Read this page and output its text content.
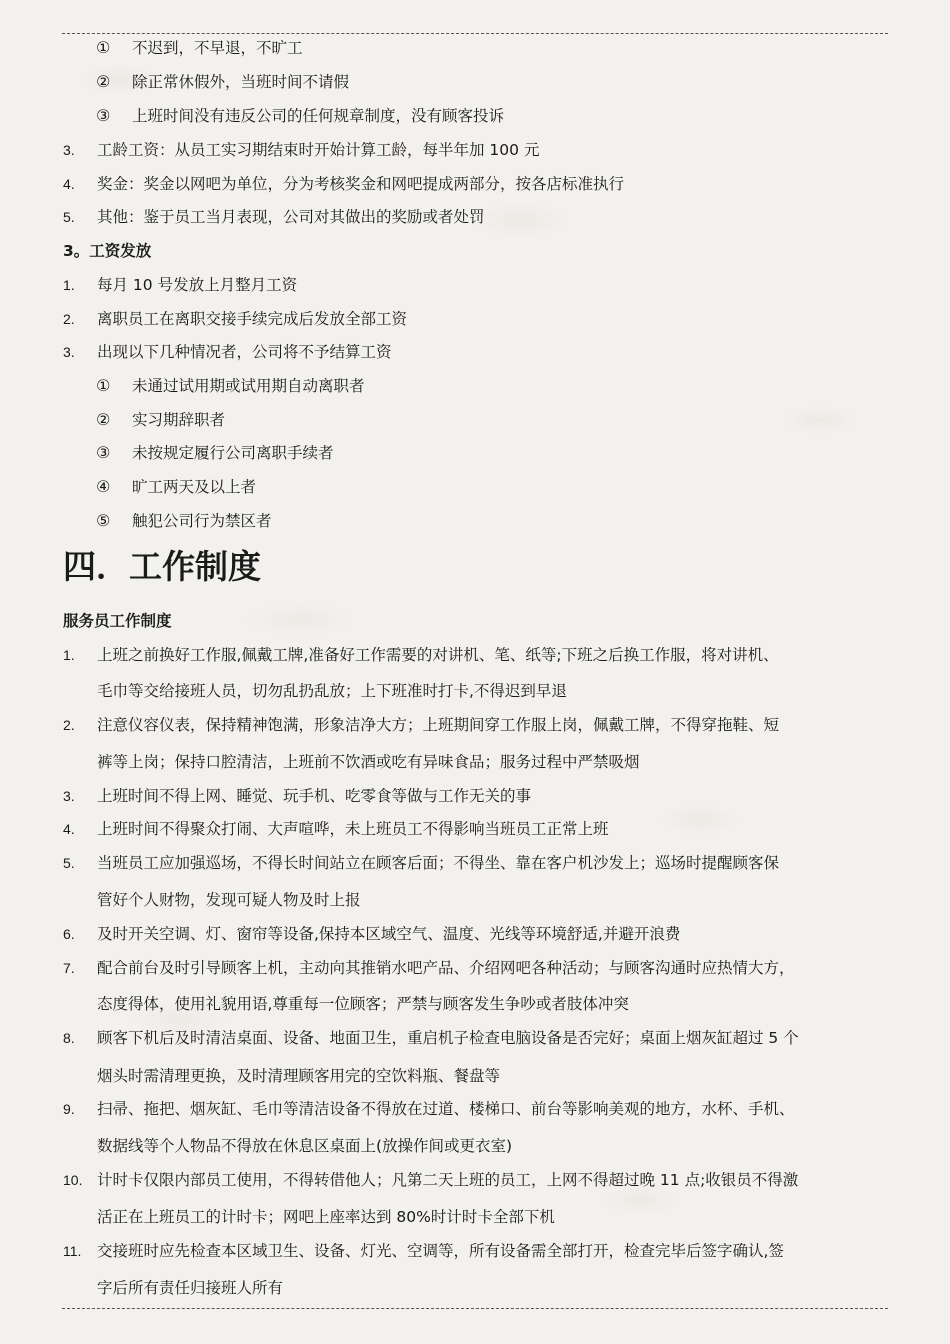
① 不迟到，不早退，不旷工
② 除正常休假外，当班时间不请假
③ 上班时间没有违反公司的任何规章制度，没有顾客投诉
3. 工龄工资：从员工实习期结束时开始计算工龄，每半年加 100 元
4. 奖金：奖金以网吧为单位，分为考核奖金和网吧提成两部分，按各店标准执行
5. 其他：鉴于员工当月表现，公司对其做出的奖励或者处罚
3。工资发放
1. 每月 10 号发放上月整月工资
2. 离职员工在离职交接手续完成后发放全部工资
3. 出现以下几种情况者，公司将不予结算工资
① 未通过试用期或试用期自动离职者
② 实习期辞职者
③ 未按规定履行公司离职手续者
④ 旷工两天及以上者
⑤ 触犯公司行为禁区者
四．工作制度
服务员工作制度
1. 上班之前换好工作服,佩戴工牌,准备好工作需要的对讲机、笔、纸等;下班之后换工作服，将对讲机、
毛巾等交给接班人员，切勿乱扔乱放；上下班准时打卡,不得迟到早退
2. 注意仪容仪表，保持精神饱满，形象洁净大方；上班期间穿工作服上岗，佩戴工牌，不得穿拖鞋、短
裤等上岗；保持口腔清洁，上班前不饮酒或吃有异味食品；服务过程中严禁吸烟
3. 上班时间不得上网、睡觉、玩手机、吃零食等做与工作无关的事
4. 上班时间不得聚众打闹、大声喧哗，未上班员工不得影响当班员工正常上班
5. 当班员工应加强巡场，不得长时间站立在顾客后面；不得坐、靠在客户机沙发上；巡场时提醒顾客保
管好个人财物，发现可疑人物及时上报
6. 及时开关空调、灯、窗帘等设备,保持本区域空气、温度、光线等环境舒适,并避开浪费
7. 配合前台及时引导顾客上机，主动向其推销水吧产品、介绍网吧各种活动；与顾客沟通时应热情大方，
态度得体，使用礼貌用语,尊重每一位顾客；严禁与顾客发生争吵或者肢体冲突
8. 顾客下机后及时清洁桌面、设备、地面卫生，重启机子检查电脑设备是否完好；桌面上烟灰缸超过 5 个
烟头时需清理更换，及时清理顾客用完的空饮料瓶、餐盘等
9. 扫帚、拖把、烟灰缸、毛巾等清洁设备不得放在过道、楼梯口、前台等影响美观的地方，水杯、手机、
数据线等个人物品不得放在休息区桌面上(放操作间或更衣室)
10. 计时卡仅限内部员工使用，不得转借他人；凡第二天上班的员工，上网不得超过晚 11 点;收银员不得激
活正在上班员工的计时卡；网吧上座率达到 80%时计时卡全部下机
11. 交接班时应先检查本区域卫生、设备、灯光、空调等，所有设备需全部打开，检查完毕后签字确认,签
字后所有责任归接班人所有
